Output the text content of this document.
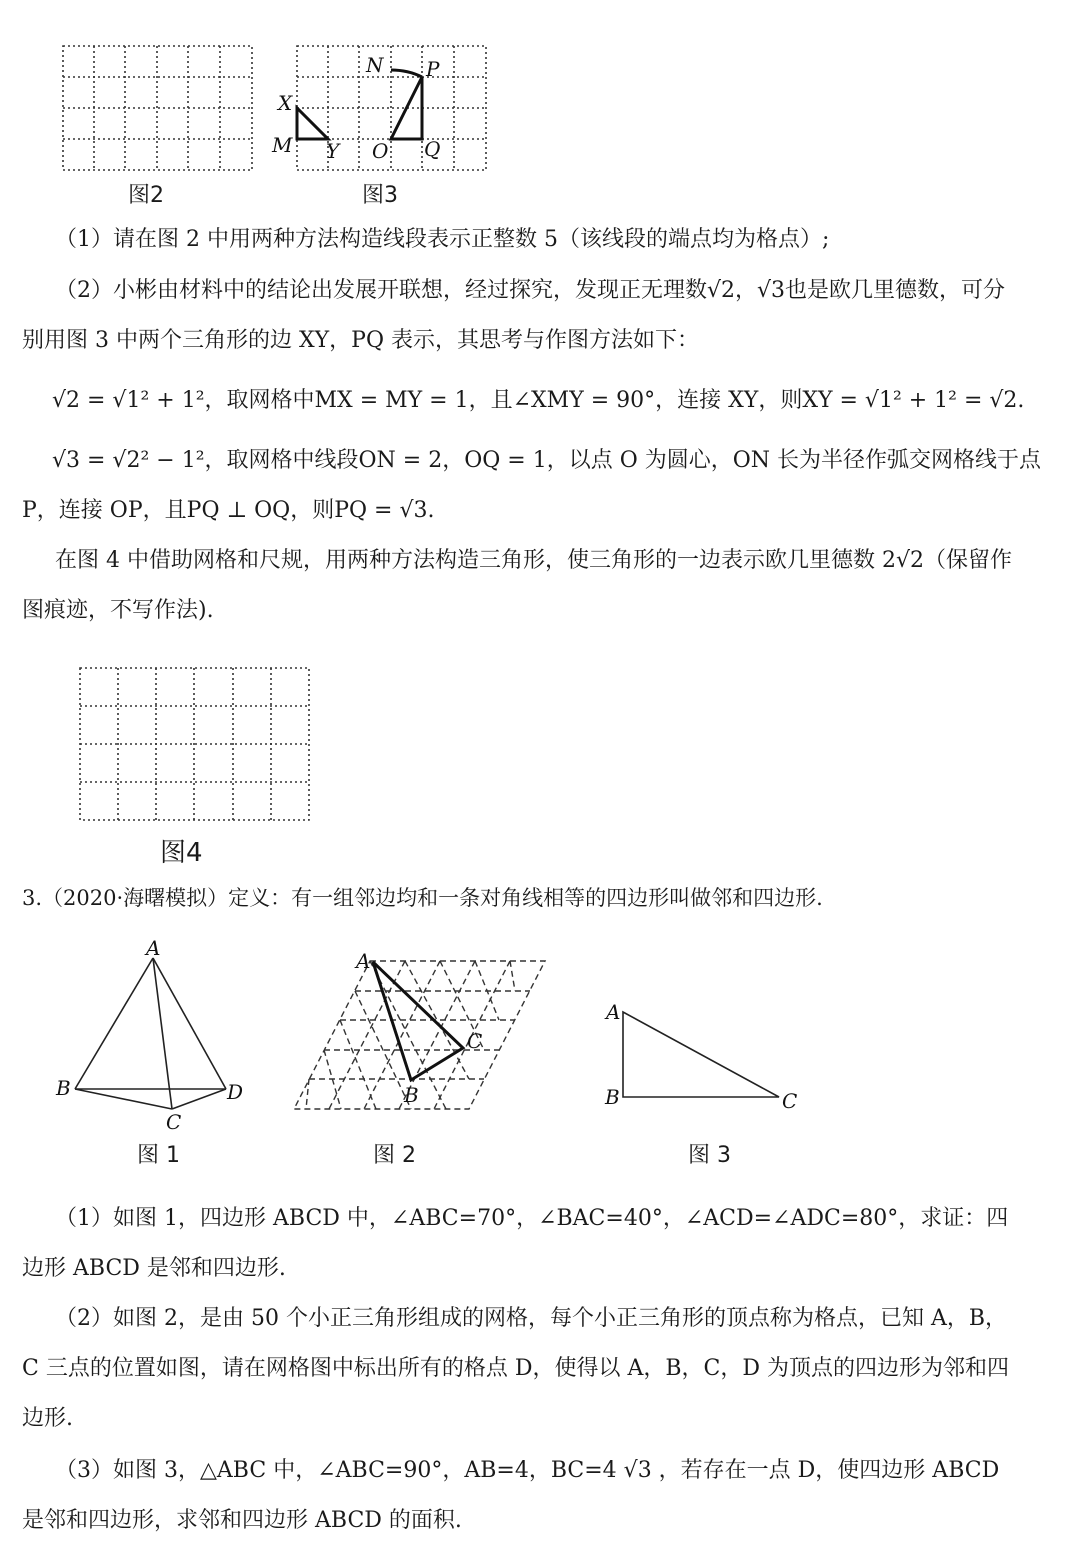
图2
N P
X
M Y O Q
图3
（1）请在图 2 中用两种方法构造线段表示正整数 5（该线段的端点均为格点）;
（2）小彬由材料中的结论出发展开联想，经过探究，发现正无理数√2，√3也是欧几里德数，可分
别用图 3 中两个三角形的边 XY，PQ 表示，其思考与作图方法如下：
√2 = √1² + 1²，取网格中MX = MY = 1，且∠XMY = 90°，连接 XY，则XY = √1² + 1² = √2.
√3 = √2² − 1²，取网格中线段ON = 2，OQ = 1，以点 O 为圆心，ON 长为半径作弧交网格线于点
P，连接 OP，且PQ ⊥ OQ，则PQ = √3.
在图 4 中借助网格和尺规，用两种方法构造三角形，使三角形的一边表示欧几里德数 2√2（保留作
图痕迹，不写作法).
图4
3.（2020·海曙模拟）定义：有一组邻边均和一条对角线相等的四边形叫做邻和四边形.
A
B
C
D
图 1
A
B
C
图 2
A
B	C
图 3
（1）如图 1，四边形 ABCD 中，∠ABC=70°，∠BAC=40°，∠ACD=∠ADC=80°，求证：四
边形 ABCD 是邻和四边形.
（2）如图 2，是由 50 个小正三角形组成的网格，每个小正三角形的顶点称为格点，已知 A，B，
C 三点的位置如图，请在网格图中标出所有的格点 D，使得以 A，B，C，D 为顶点的四边形为邻和四
边形.
（3）如图 3，△ABC 中，∠ABC=90°，AB=4，BC=4 √3 ，若存在一点 D，使四边形 ABCD
是邻和四边形，求邻和四边形 ABCD 的面积.
